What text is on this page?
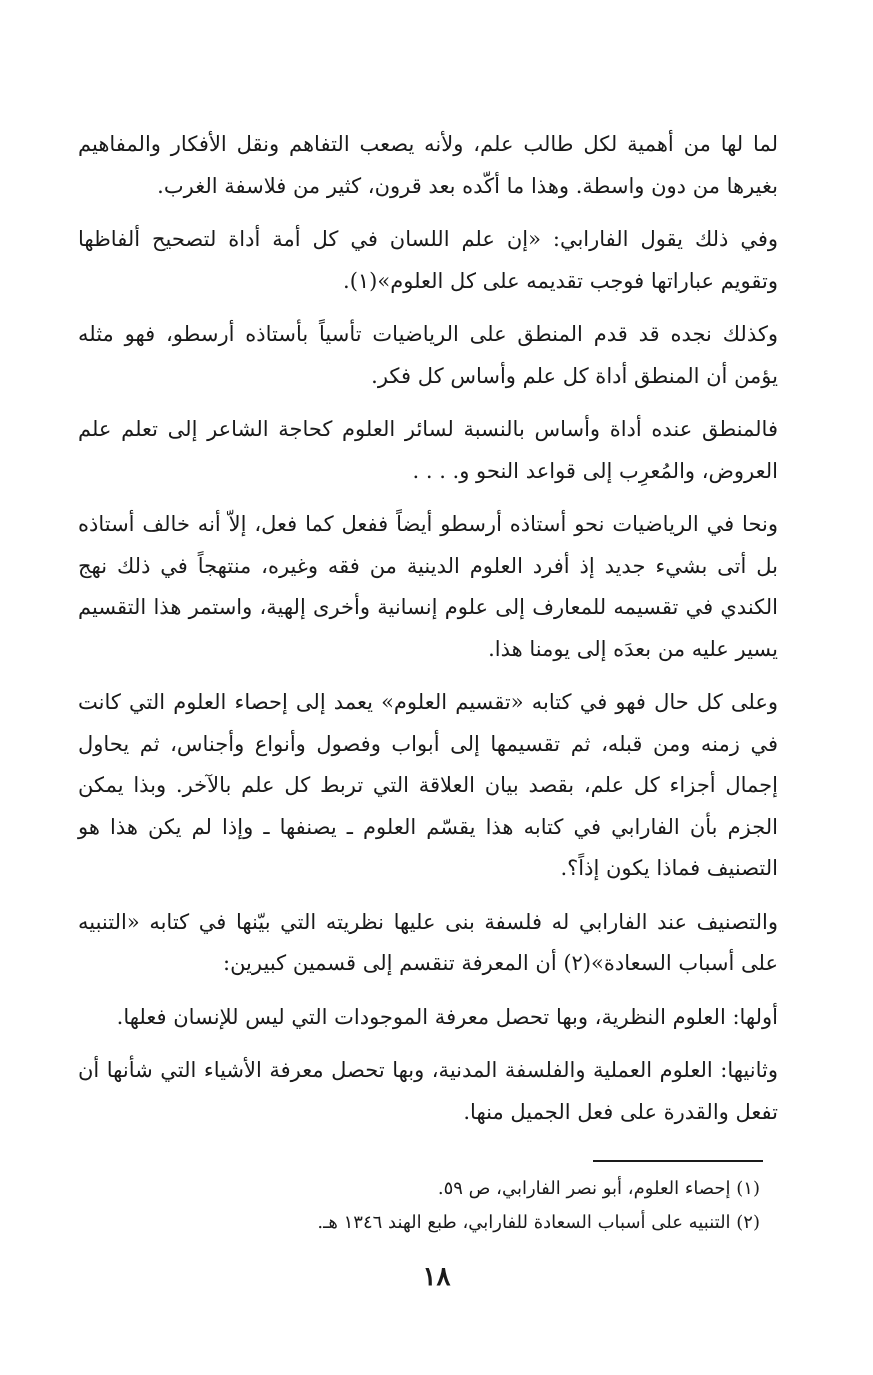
لما لها من أهمية لكل طالب علم، ولأنه يصعب التفاهم ونقل الأفكار والمفاهيم بغيرها من دون واسطة. وهذا ما أكّده بعد قرون، كثير من فلاسفة الغرب.

وفي ذلك يقول الفارابي: «إن علم اللسان في كل أمة أداة لتصحيح ألفاظها وتقويم عباراتها فوجب تقديمه على كل العلوم»(١).

وكذلك نجده قد قدم المنطق على الرياضيات تأسياً بأستاذه أرسطو، فهو مثله يؤمن أن المنطق أداة كل علم وأساس كل فكر.

فالمنطق عنده أداة وأساس بالنسبة لسائر العلوم كحاجة الشاعر إلى تعلم علم العروض، والمُعرِب إلى قواعد النحو و. . . .

ونحا في الرياضيات نحو أستاذه أرسطو أيضاً ففعل كما فعل، إلاّ أنه خالف أستاذه بل أتى بشيء جديد إذ أفرد العلوم الدينية من فقه وغيره، منتهجاً في ذلك نهج الكندي في تقسيمه للمعارف إلى علوم إنسانية وأخرى إلهية، واستمر هذا التقسيم يسير عليه من بعدَه إلى يومنا هذا.

وعلى كل حال فهو في كتابه «تقسيم العلوم» يعمد إلى إحصاء العلوم التي كانت في زمنه ومن قبله، ثم تقسيمها إلى أبواب وفصول وأنواع وأجناس، ثم يحاول إجمال أجزاء كل علم، بقصد بيان العلاقة التي تربط كل علم بالآخر. وبذا يمكن الجزم بأن الفارابي في كتابه هذا يقسّم العلوم ـ يصنفها ـ وإذا لم يكن هذا هو التصنيف فماذا يكون إذاً؟.

والتصنيف عند الفارابي له فلسفة بنى عليها نظريته التي بيّنها في كتابه «التنبيه على أسباب السعادة»(٢) أن المعرفة تنقسم إلى قسمين كبيرين:

أولها: العلوم النظرية، وبها تحصل معرفة الموجودات التي ليس للإنسان فعلها.

وثانيها: العلوم العملية والفلسفة المدنية، وبها تحصل معرفة الأشياء التي شأنها أن تفعل والقدرة على فعل الجميل منها.

(١) إحصاء العلوم، أبو نصر الفارابي، ص ٥٩.

(٢) التنبيه على أسباب السعادة للفارابي، طبع الهند ١٣٤٦ هـ.

١٨
